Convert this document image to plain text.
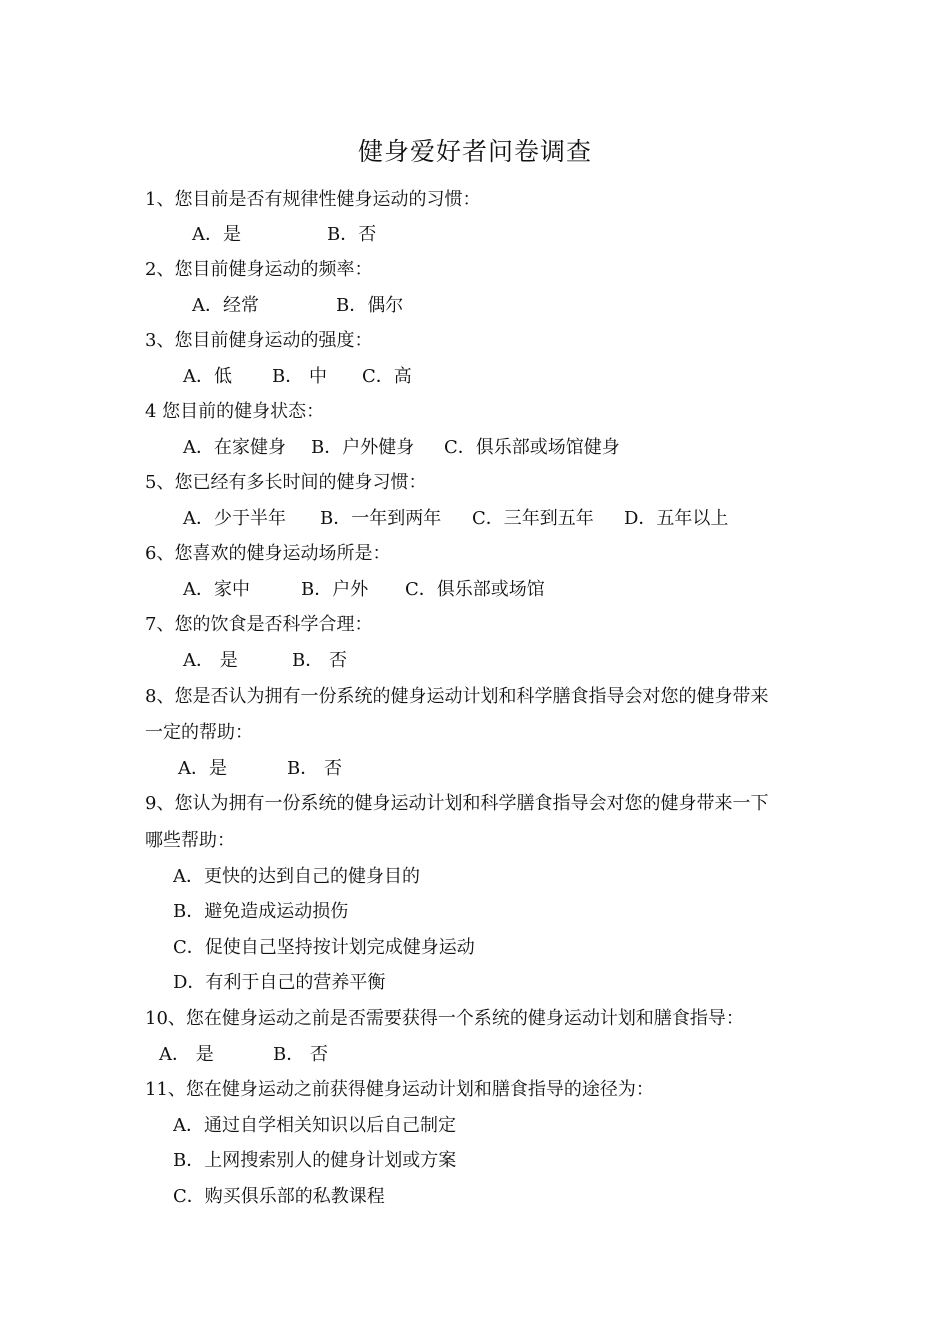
健身爱好者问卷调查
1、您目前是否有规律性健身运动的习惯：
A．是	B．否
2、您目前健身运动的频率：
A．经常	B．偶尔
3、您目前健身运动的强度：
A．低 B． 中 C．高
4 您目前的健身状态：
A．在家健身 B．户外健身 C．俱乐部或场馆健身
5、您已经有多长时间的健身习惯：
A．少于半年 B．一年到两年 C．三年到五年 D．五年以上
6、您喜欢的健身运动场所是：
A．家中	B．户外 C．俱乐部或场馆
7、您的饮食是否科学合理：
A． 是	B． 否
8、您是否认为拥有一份系统的健身运动计划和科学膳食指导会对您的健身带来
一定的帮助：
A．是	B． 否
9、您认为拥有一份系统的健身运动计划和科学膳食指导会对您的健身带来一下
哪些帮助：
A．更快的达到自己的健身目的
B．避免造成运动损伤
C．促使自己坚持按计划完成健身运动
D．有利于自己的营养平衡
10、您在健身运动之前是否需要获得一个系统的健身运动计划和膳食指导：
A． 是	B． 否
11、您在健身运动之前获得健身运动计划和膳食指导的途径为：
A．通过自学相关知识以后自己制定
B．上网搜索别人的健身计划或方案
C．购买俱乐部的私教课程
